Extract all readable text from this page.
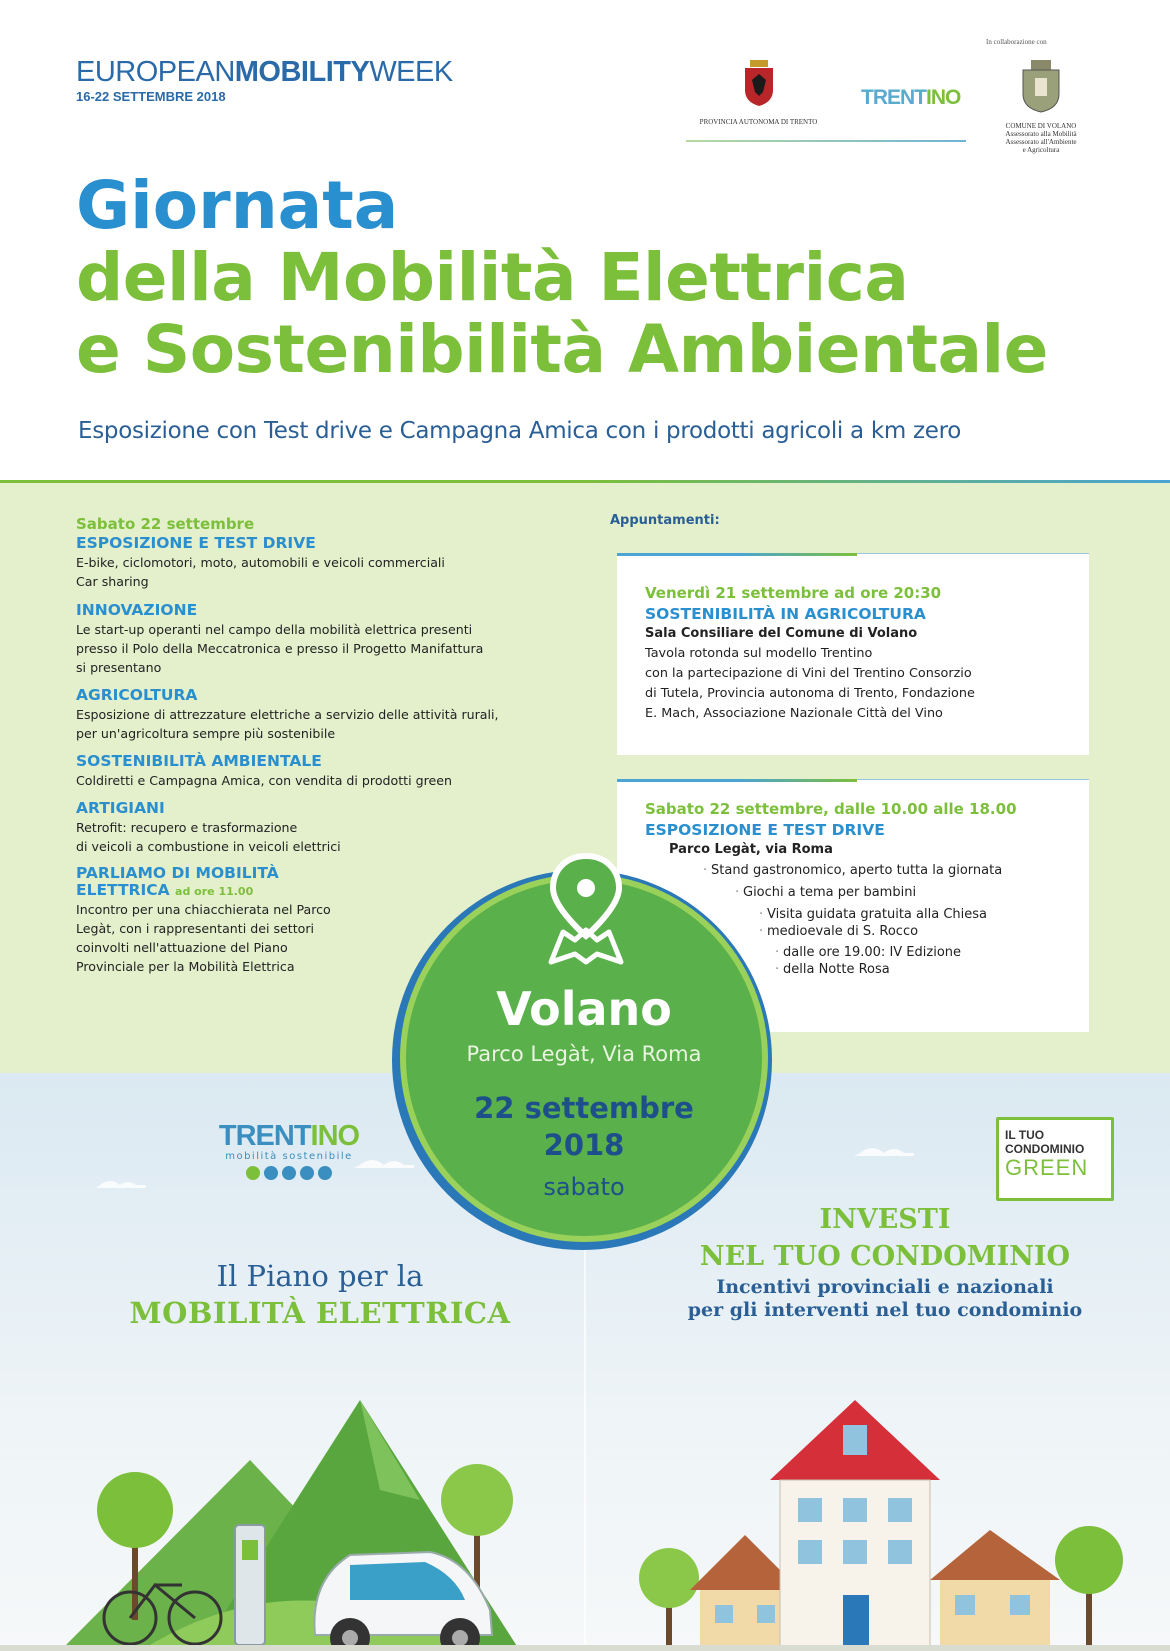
EUROPEANMOBILITYWEEK
16-22 SETTEMBRE 2018
In collaborazione con
PROVINCIA AUTONOMA DI TRENTO
TRENTINO
COMUNE DI VOLANO
Assessorato alla Mobilità
Assessorato all'Ambiente
e Agricoltura
Giornata
della Mobilità Elettrica
e Sostenibilità Ambientale
Esposizione con Test drive e Campagna Amica con i prodotti agricoli a km zero
Sabato 22 settembre
ESPOSIZIONE E TEST DRIVE
E-bike, ciclomotori, moto, automobili e veicoli commerciali
Car sharing
INNOVAZIONE
Le start-up operanti nel campo della mobilità elettrica presenti
presso il Polo della Meccatronica e presso il Progetto Manifattura
si presentano
AGRICOLTURA
Esposizione di attrezzature elettriche a servizio delle attività rurali,
per un'agricoltura sempre più sostenibile
SOSTENIBILITÀ AMBIENTALE
Coldiretti e Campagna Amica, con vendita di prodotti green
ARTIGIANI
Retrofit: recupero e trasformazione
di veicoli a combustione in veicoli elettrici
PARLIAMO DI MOBILITÀ
ELETTRICA ad ore 11.00
Incontro per una chiacchierata nel Parco
Legàt, con i rappresentanti dei settori
coinvolti nell'attuazione del Piano
Provinciale per la Mobilità Elettrica
Appuntamenti:
Venerdì 21 settembre ad ore 20:30
SOSTENIBILITÀ IN AGRICOLTURA
Sala Consiliare del Comune di Volano
Tavola rotonda sul modello Trentino
con la partecipazione di Vini del Trentino Consorzio
di Tutela, Provincia autonoma di Trento, Fondazione
E. Mach, Associazione Nazionale Città del Vino
Sabato 22 settembre, dalle 10.00 alle 18.00
ESPOSIZIONE E TEST DRIVE
Parco Legàt, via Roma
· Stand gastronomico, aperto tutta la giornata
· Giochi a tema per bambini
· Visita guidata gratuita alla Chiesa
· medioevale di S. Rocco
· dalle ore 19.00: IV Edizione
· della Notte Rosa
Volano
Parco Legàt, Via Roma
22 settembre
2018
sabato
TRENTINO
mobilità sostenibile
Il Piano per la
MOBILITÀ ELETTRICA
IL TUO
CONDOMINIO
GREEN
INVESTI
NEL TUO CONDOMINIO
Incentivi provinciali e nazionali
per gli interventi nel tuo condominio
